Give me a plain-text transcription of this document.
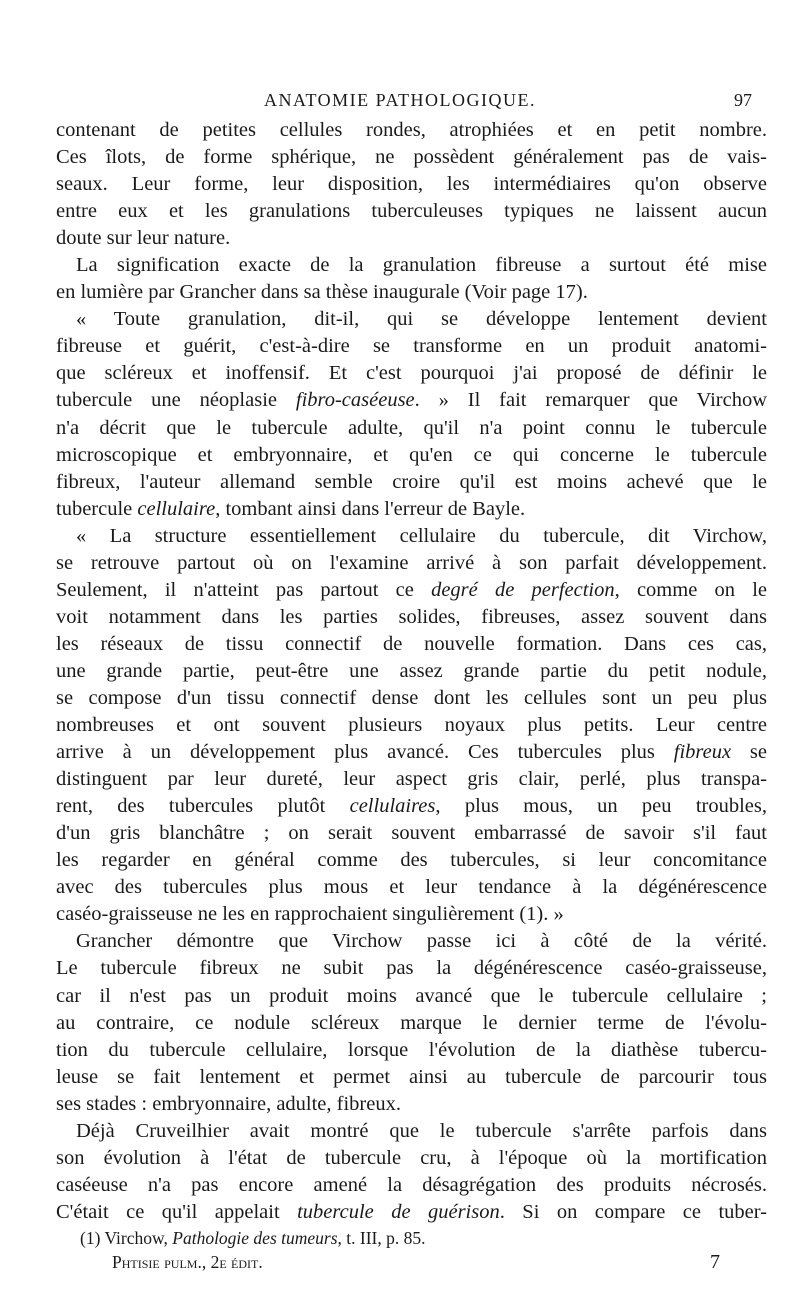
ANATOMIE PATHOLOGIQUE.	97
contenant de petites cellules rondes, atrophiées et en petit nombre.
Ces îlots, de forme sphérique, ne possèdent généralement pas de vais-
seaux. Leur forme, leur disposition, les intermédiaires qu'on observe
entre eux et les granulations tuberculeuses typiques ne laissent aucun
doute sur leur nature.
La signification exacte de la granulation fibreuse a surtout été mise
en lumière par Grancher dans sa thèse inaugurale (Voir page 17).
« Toute granulation, dit-il, qui se développe lentement devient
fibreuse et guérit, c'est-à-dire se transforme en un produit anatomi-
que scléreux et inoffensif. Et c'est pourquoi j'ai proposé de définir le
tubercule une néoplasie fibro-caséeuse. » Il fait remarquer que Virchow
n'a décrit que le tubercule adulte, qu'il n'a point connu le tubercule
microscopique et embryonnaire, et qu'en ce qui concerne le tubercule
fibreux, l'auteur allemand semble croire qu'il est moins achevé que le
tubercule cellulaire, tombant ainsi dans l'erreur de Bayle.
« La structure essentiellement cellulaire du tubercule, dit Virchow,
se retrouve partout où on l'examine arrivé à son parfait développement.
Seulement, il n'atteint pas partout ce degré de perfection, comme on le
voit notamment dans les parties solides, fibreuses, assez souvent dans
les réseaux de tissu connectif de nouvelle formation. Dans ces cas,
une grande partie, peut-être une assez grande partie du petit nodule,
se compose d'un tissu connectif dense dont les cellules sont un peu plus
nombreuses et ont souvent plusieurs noyaux plus petits. Leur centre
arrive à un développement plus avancé. Ces tubercules plus fibreux se
distinguent par leur dureté, leur aspect gris clair, perlé, plus transpa-
rent, des tubercules plutôt cellulaires, plus mous, un peu troubles,
d'un gris blanchâtre ; on serait souvent embarrassé de savoir s'il faut
les regarder en général comme des tubercules, si leur concomitance
avec des tubercules plus mous et leur tendance à la dégénérescence
caséo-graisseuse ne les en rapprochaient singulièrement (1). »
Grancher démontre que Virchow passe ici à côté de la vérité.
Le tubercule fibreux ne subit pas la dégénérescence caséo-graisseuse,
car il n'est pas un produit moins avancé que le tubercule cellulaire ;
au contraire, ce nodule scléreux marque le dernier terme de l'évolu-
tion du tubercule cellulaire, lorsque l'évolution de la diathèse tubercu-
leuse se fait lentement et permet ainsi au tubercule de parcourir tous
ses stades : embryonnaire, adulte, fibreux.
Déjà Cruveilhier avait montré que le tubercule s'arrête parfois dans
son évolution à l'état de tubercule cru, à l'époque où la mortification
caséeuse n'a pas encore amené la désagrégation des produits nécrosés.
C'était ce qu'il appelait tubercule de guérison. Si on compare ce tuber-
(1) Virchow, Pathologie des tumeurs, t. III, p. 85.
Phtisie pulm., 2e édit.	7
